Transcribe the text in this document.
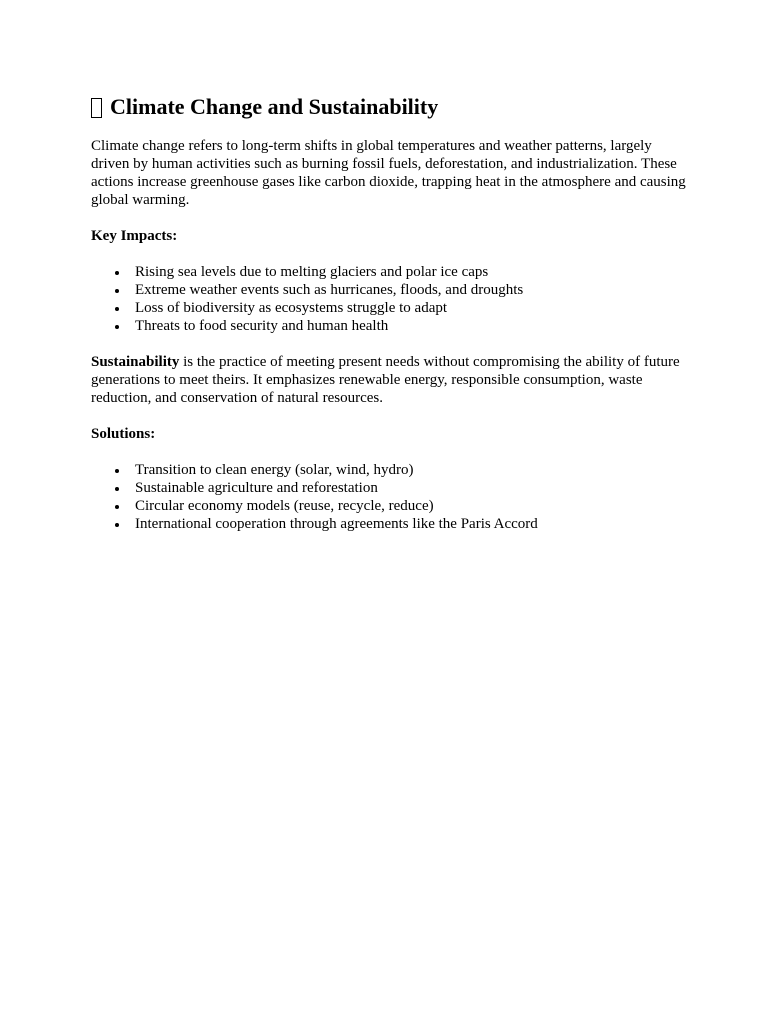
Climate Change and Sustainability

Climate change refers to long-term shifts in global temperatures and weather patterns, largely driven by human activities such as burning fossil fuels, deforestation, and industrialization. These actions increase greenhouse gases like carbon dioxide, trapping heat in the atmosphere and causing global warming.

Key Impacts:

Rising sea levels due to melting glaciers and polar ice caps
Extreme weather events such as hurricanes, floods, and droughts
Loss of biodiversity as ecosystems struggle to adapt
Threats to food security and human health

Sustainability is the practice of meeting present needs without compromising the ability of future generations to meet theirs. It emphasizes renewable energy, responsible consumption, waste reduction, and conservation of natural resources.

Solutions:

Transition to clean energy (solar, wind, hydro)
Sustainable agriculture and reforestation
Circular economy models (reuse, recycle, reduce)
International cooperation through agreements like the Paris Accord
